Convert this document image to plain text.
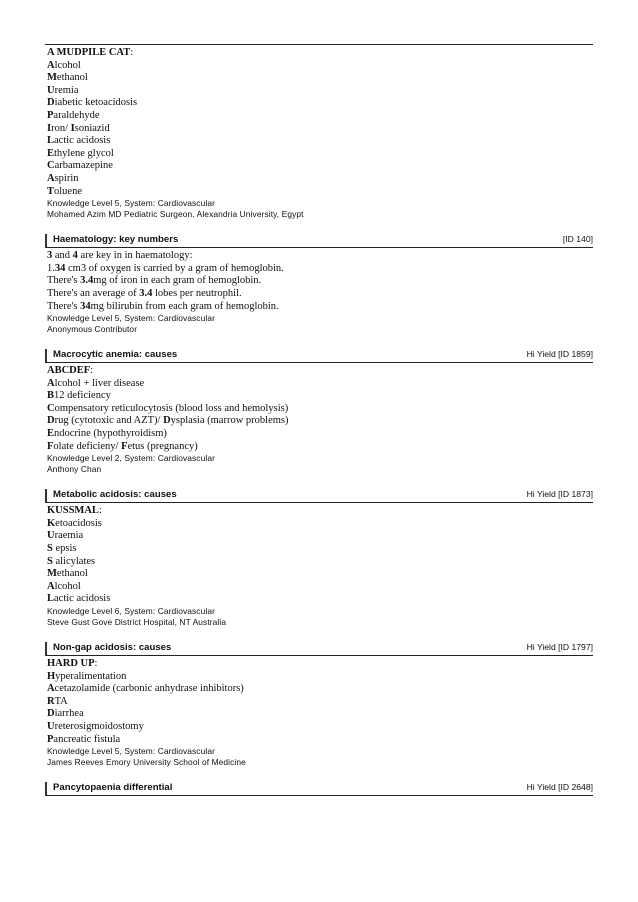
A MUDPILE CAT:
Alcohol
Methanol
Uremia
Diabetic ketoacidosis
Paraldehyde
Iron/ Isoniazid
Lactic acidosis
Ethylene glycol
Carbamazepine
Aspirin
Toluene
Knowledge Level 5, System: Cardiovascular
Mohamed Azim MD Pediatric Surgeon, Alexandria University, Egypt
Haematology: key numbers	[ID 140]
3 and 4 are key in in haematology:
1.34 cm3 of oxygen is carried by a gram of hemoglobin.
There's 3.4mg of iron in each gram of hemoglobin.
There's an average of 3.4 lobes per neutrophil.
There's 34mg bilirubin from each gram of hemoglobin.
Knowledge Level 5, System: Cardiovascular
Anonymous Contributor
Macrocytic anemia: causes	Hi Yield [ID 1859]
ABCDEF:
Alcohol + liver disease
B12 deficiency
Compensatory reticulocytosis (blood loss and hemolysis)
Drug (cytotoxic and AZT)/ Dysplasia (marrow problems)
Endocrine (hypothyroidism)
Folate deficieny/ Fetus (pregnancy)
Knowledge Level 2, System: Cardiovascular
Anthony Chan
Metabolic acidosis: causes	Hi Yield [ID 1873]
KUSSMAL:
Ketoacidosis
Uraemia
S epsis
S alicylates
Methanol
Alcohol
Lactic acidosis
Knowledge Level 6, System: Cardiovascular
Steve Gust Gove District Hospital, NT Australia
Non-gap acidosis: causes	Hi Yield [ID 1797]
HARD UP:
Hyperalimentation
Acetazolamide (carbonic anhydrase inhibitors)
RTA
Diarrhea
Ureterosigmoidostomy
Pancreatic fistula
Knowledge Level 5, System: Cardiovascular
James Reeves Emory University School of Medicine
Pancytopaenia differential	Hi Yield [ID 2648]
